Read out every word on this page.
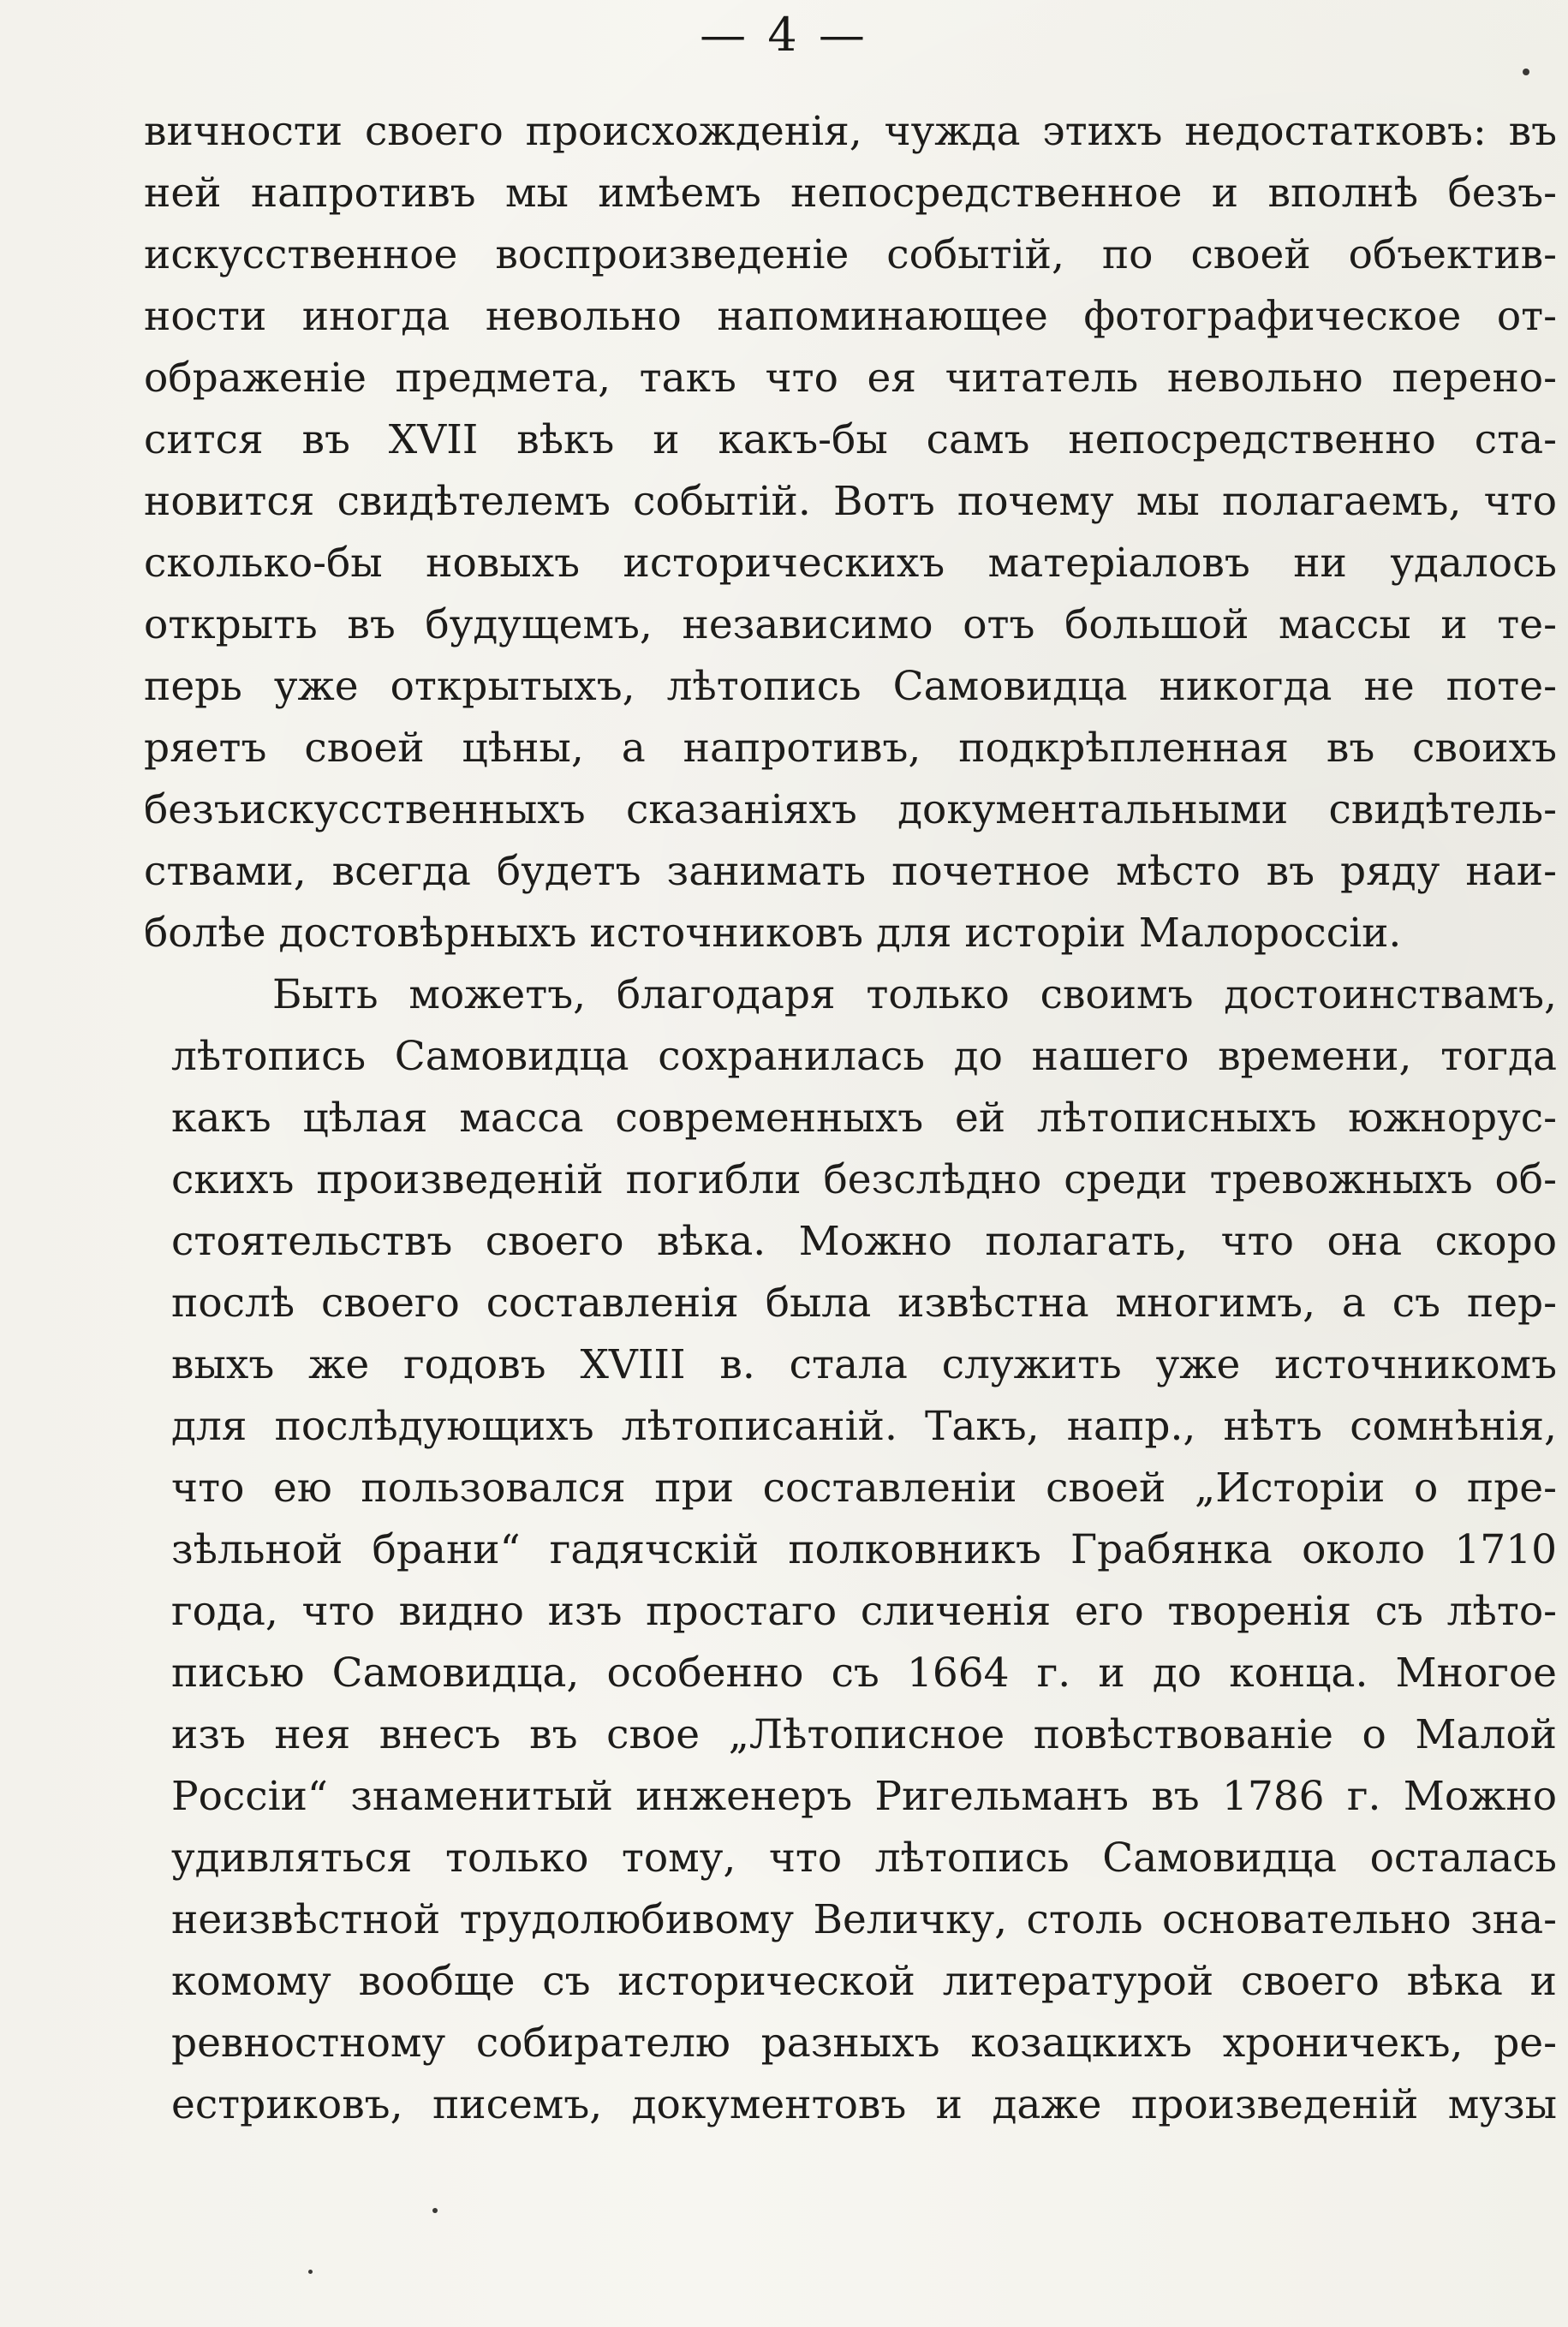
— 4 —
вичности своего происхожденія, чужда этихъ недостатковъ: въ
ней напротивъ мы имѣемъ непосредственное и вполнѣ безъ-
искусственное воспроизведеніе событій, по своей объектив-
ности иногда невольно напоминающее фотографическое от-
ображеніе предмета, такъ что ея читатель невольно перено-
сится въ XVII вѣкъ и какъ-бы самъ непосредственно ста-
новится свидѣтелемъ событій. Вотъ почему мы полагаемъ, что
сколько-бы новыхъ историческихъ матеріаловъ ни удалось
открыть въ будущемъ, независимо отъ большой массы и те-
перь уже открытыхъ, лѣтопись Самовидца никогда не поте-
ряетъ своей цѣны, а напротивъ, подкрѣпленная въ своихъ
безъискусственныхъ сказаніяхъ документальными свидѣтель-
ствами, всегда будетъ занимать почетное мѣсто въ ряду наи-
болѣе достовѣрныхъ источниковъ для исторіи Малороссіи.
Быть можетъ, благодаря только своимъ достоинствамъ,
лѣтопись Самовидца сохранилась до нашего времени, тогда
какъ цѣлая масса современныхъ ей лѣтописныхъ южнорус-
скихъ произведеній погибли безслѣдно среди тревожныхъ об-
стоятельствъ своего вѣка. Можно полагать, что она скоро
послѣ своего составленія была извѣстна многимъ, а съ пер-
выхъ же годовъ XVIII в. стала служить уже источникомъ
для послѣдующихъ лѣтописаній. Такъ, напр., нѣтъ сомнѣнія,
что ею пользовался при составленіи своей „Исторіи о пре-
зѣльной брани“ гадячскій полковникъ Грабянка около 1710
года, что видно изъ простаго сличенія его творенія съ лѣто-
писью Самовидца, особенно съ 1664 г. и до конца. Многое
изъ нея внесъ въ свое „Лѣтописное повѣствованіе о Малой
Россіи“ знаменитый инженеръ Ригельманъ въ 1786 г. Можно
удивляться только тому, что лѣтопись Самовидца осталась
неизвѣстной трудолюбивому Величку, столь основательно зна-
комому вообще съ исторической литературой своего вѣка и
ревностному собирателю разныхъ козацкихъ хроничекъ, ре-
естриковъ, писемъ, документовъ и даже произведеній музы
